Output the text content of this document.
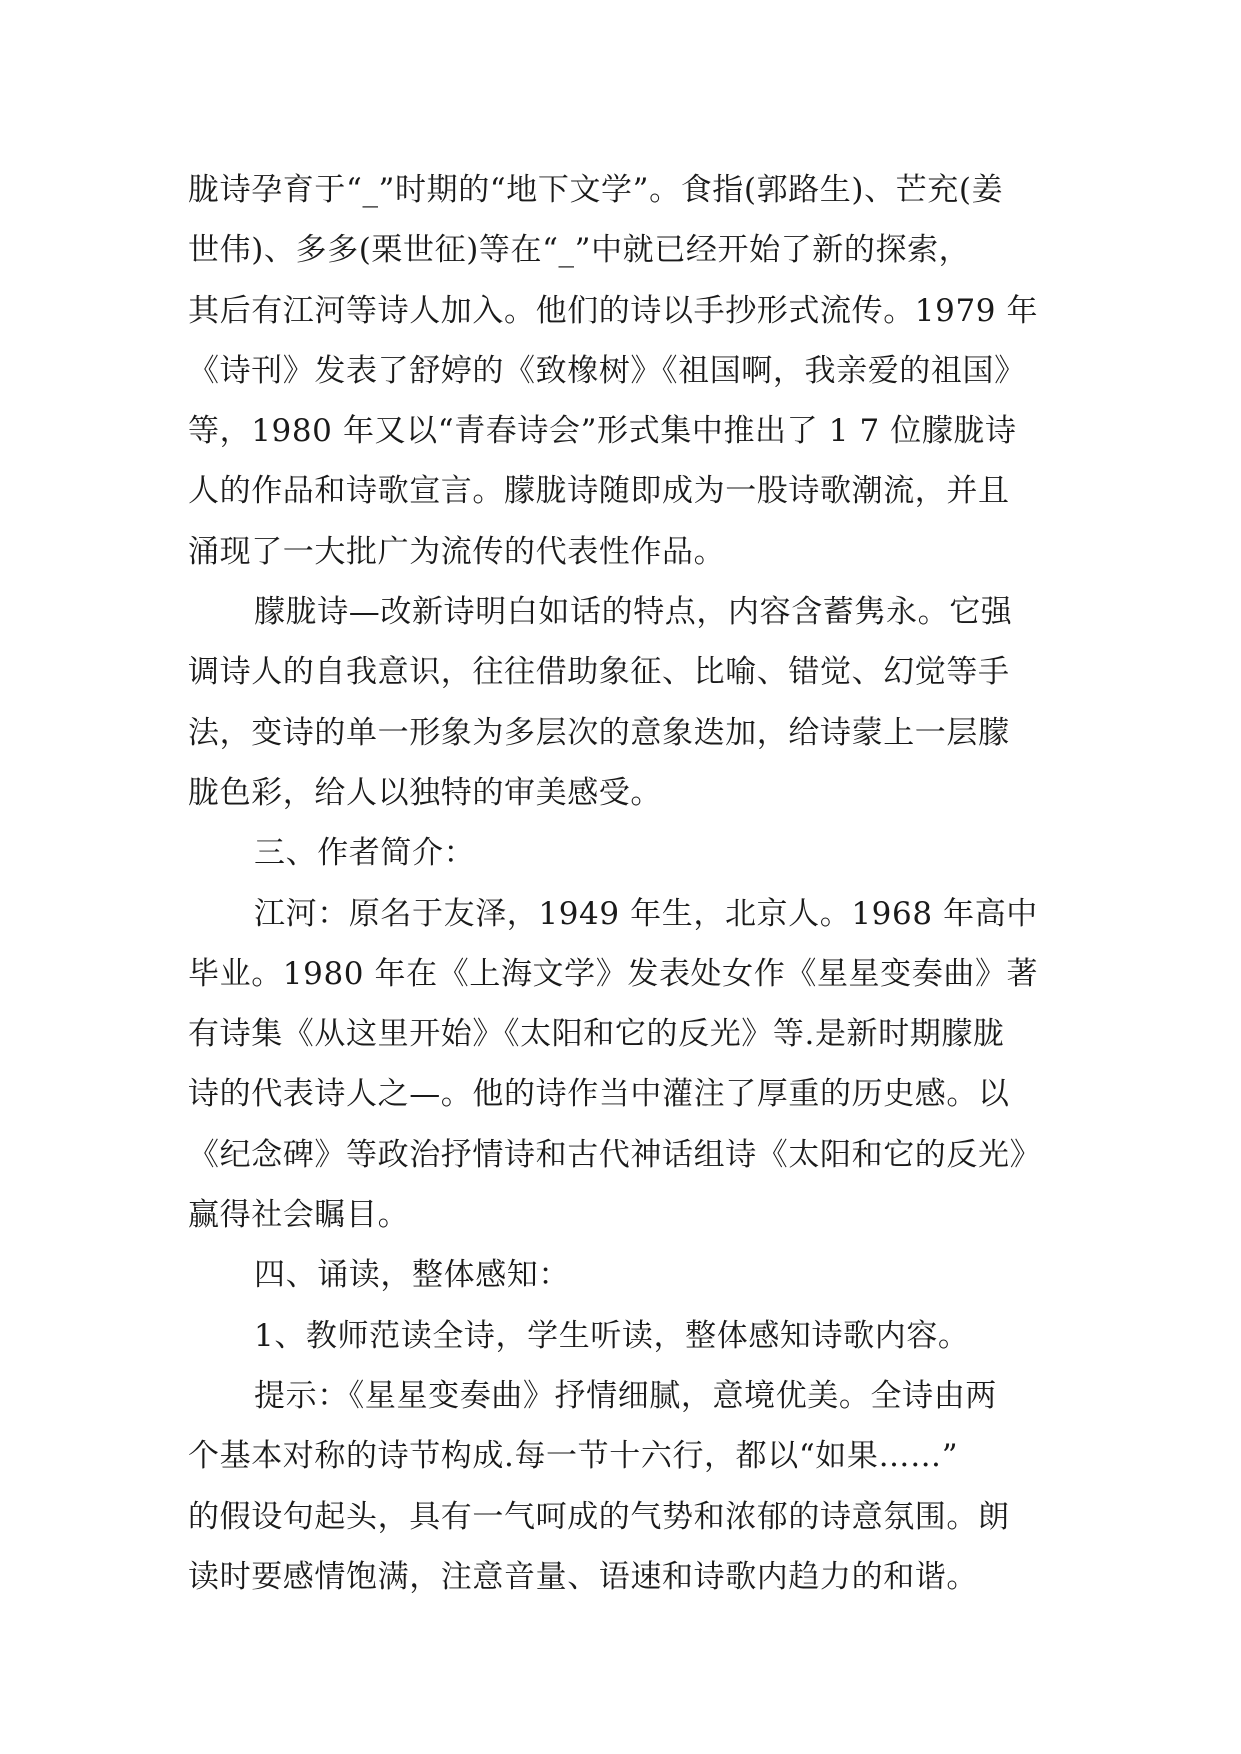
胧诗孕育于“_”时期的“地下文学”。食指(郭路生)、芒充(姜
世伟)、多多(栗世征)等在“_”中就已经开始了新的探索，
其后有江河等诗人加入。他们的诗以手抄形式流传。1979 年
《诗刊》发表了舒婷的《致橡树》《祖国啊，我亲爱的祖国》
等，1980 年又以“青春诗会”形式集中推出了 1 7 位朦胧诗
人的作品和诗歌宣言。朦胧诗随即成为一股诗歌潮流，并且
涌现了一大批广为流传的代表性作品。
朦胧诗—改新诗明白如话的特点，内容含蓄隽永。它强
调诗人的自我意识，往往借助象征、比喻、错觉、幻觉等手
法，变诗的单一形象为多层次的意象迭加，给诗蒙上一层朦
胧色彩，给人以独特的审美感受。
三、作者简介：
江河：原名于友泽，1949 年生，北京人。1968 年高中
毕业。1980 年在《上海文学》发表处女作《星星变奏曲》著
有诗集《从这里开始》《太阳和它的反光》等.是新时期朦胧
诗的代表诗人之—。他的诗作当中灌注了厚重的历史感。以
《纪念碑》等政治抒情诗和古代神话组诗《太阳和它的反光》
赢得社会瞩目。
四、诵读，整体感知：
1、教师范读全诗，学生听读，整体感知诗歌内容。
提示：《星星变奏曲》抒情细腻，意境优美。全诗由两
个基本对称的诗节构成.每一节十六行，都以“如果……”
的假设句起头，具有一气呵成的气势和浓郁的诗意氛围。朗
读时要感情饱满，注意音量、语速和诗歌内趋力的和谐。
